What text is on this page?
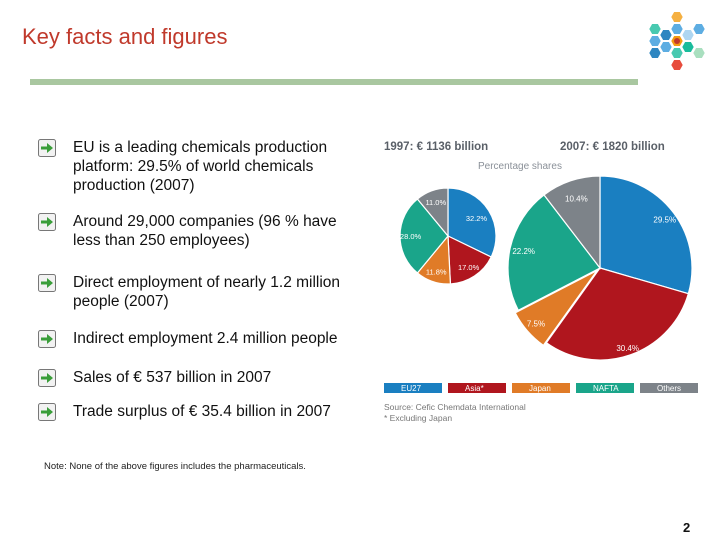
Key facts and figures
EU is a leading chemicals production
platform: 29.5% of world chemicals
production (2007)
Around 29,000 companies (96 % have
less than 250 employees)
Direct employment of nearly 1.2 million
people (2007)
Indirect employment 2.4 million people
Sales of € 537 billion in 2007
Trade surplus of € 35.4 billion in 2007
1997: € 1136 billion	2007: € 1820 billion
Percentage shares
32.2%
17.0%
11.8%
28.0%
11.0%
29.5%
30.4%
7.5%
22.2%
10.4%
EU27	Asia*	Japan	NAFTA	Others
Source: Cefic Chemdata International
* Excluding Japan
Note: None of the above figures includes the pharmaceuticals.
2
